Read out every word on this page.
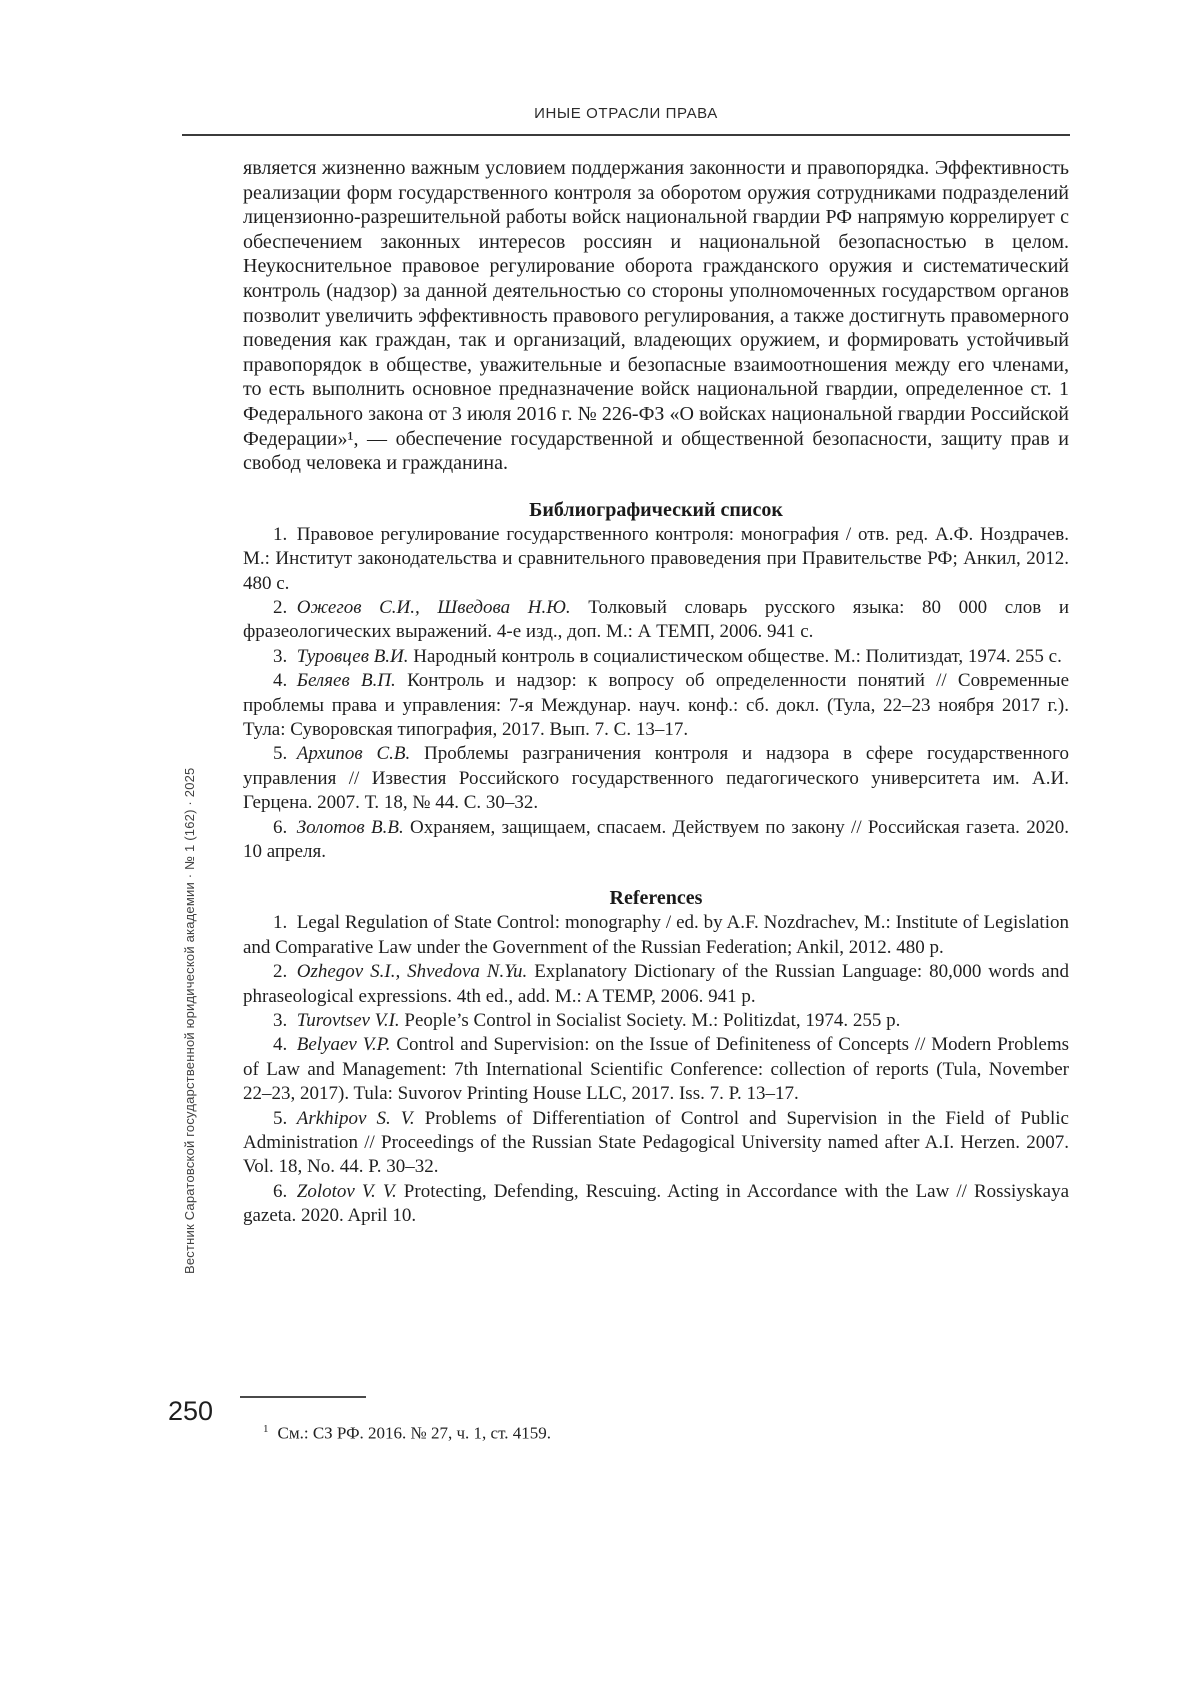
ИНЫЕ ОТРАСЛИ ПРАВА

является жизненно важным условием поддержания законности и правопорядка. Эффективность реализации форм государственного контроля за оборотом оружия сотрудниками подразделений лицензионно-разрешительной работы войск национальной гвардии РФ напрямую коррелирует с обеспечением законных интересов россиян и национальной безопасностью в целом. Неукоснительное правовое регулирование оборота гражданского оружия и систематический контроль (надзор) за данной деятельностью со стороны уполномоченных государством органов позволит увеличить эффективность правового регулирования, а также достигнуть правомерного поведения как граждан, так и организаций, владеющих оружием, и формировать устойчивый правопорядок в обществе, уважительные и безопасные взаимоотношения между его членами, то есть выполнить основное предназначение войск национальной гвардии, определенное ст. 1 Федерального закона от 3 июля 2016 г. № 226-ФЗ «О войсках национальной гвардии Российской Федерации»¹, — обеспечение государственной и общественной безопасности, защиту прав и свобод человека и гражданина.

Библиографический список

1. Правовое регулирование государственного контроля: монография / отв. ред. А.Ф. Ноздрачев. М.: Институт законодательства и сравнительного правоведения при Правительстве РФ; Анкил, 2012. 480 с.

2. Ожегов С.И., Шведова Н.Ю. Толковый словарь русского языка: 80 000 слов и фразеологических выражений. 4-е изд., доп. М.: А ТЕМП, 2006. 941 с.

3. Туровцев В.И. Народный контроль в социалистическом обществе. М.: Политиздат, 1974. 255 с.

4. Беляев В.П. Контроль и надзор: к вопросу об определенности понятий // Современные проблемы права и управления: 7-я Междунар. науч. конф.: сб. докл. (Тула, 22–23 ноября 2017 г.). Тула: Суворовская типография, 2017. Вып. 7. С. 13–17.

5. Архипов С.В. Проблемы разграничения контроля и надзора в сфере государственного управления // Известия Российского государственного педагогического университета им. А.И. Герцена. 2007. Т. 18, № 44. С. 30–32.

6. Золотов В.В. Охраняем, защищаем, спасаем. Действуем по закону // Российская газета. 2020. 10 апреля.

References

1. Legal Regulation of State Control: monography / ed. by A.F. Nozdrachev, M.: Institute of Legislation and Comparative Law under the Government of the Russian Federation; Ankil, 2012. 480 p.

2. Ozhegov S.I., Shvedova N.Yu. Explanatory Dictionary of the Russian Language: 80,000 words and phraseological expressions. 4th ed., add. M.: A TEMP, 2006. 941 p.

3. Turovtsev V.I. People’s Control in Socialist Society. M.: Politizdat, 1974. 255 p.

4. Belyaev V.P. Control and Supervision: on the Issue of Definiteness of Concepts // Modern Problems of Law and Management: 7th International Scientific Conference: collection of reports (Tula, November 22–23, 2017). Tula: Suvorov Printing House LLC, 2017. Iss. 7. P. 13–17.

5. Arkhipov S. V. Problems of Differentiation of Control and Supervision in the Field of Public Administration // Proceedings of the Russian State Pedagogical University named after A.I. Herzen. 2007. Vol. 18, No. 44. P. 30–32.

6. Zolotov V. V. Protecting, Defending, Rescuing. Acting in Accordance with the Law // Rossiyskaya gazeta. 2020. April 10.

$^1$ См.: СЗ РФ. 2016. № 27, ч. 1, ст. 4159.

250
Вестник Саратовской государственной юридической академии · № 1 (162) · 2025
